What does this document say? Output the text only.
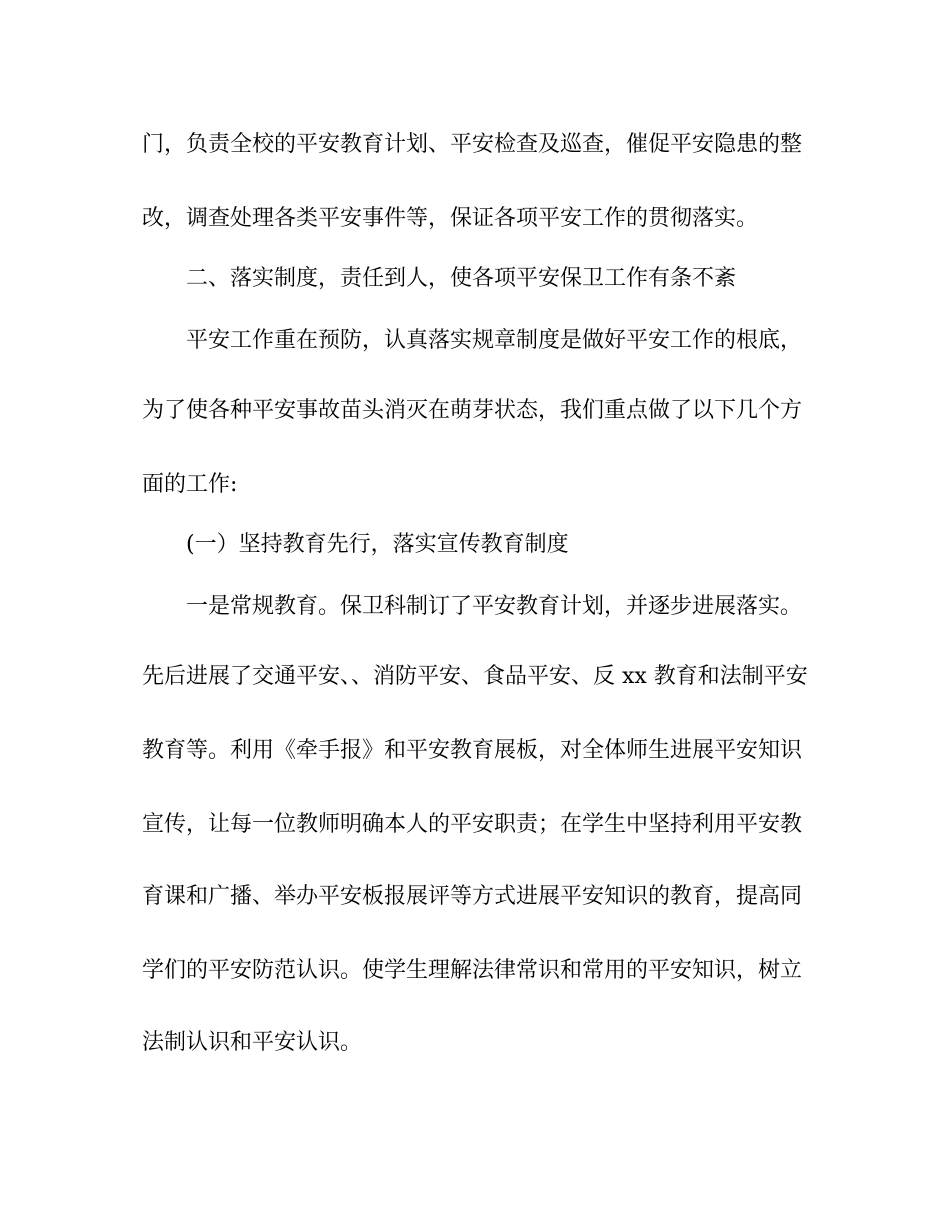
门，负责全校的平安教育计划、平安检查及巡查，催促平安隐患的整
改，调查处理各类平安事件等，保证各项平安工作的贯彻落实。
二、落实制度，责任到人，使各项平安保卫工作有条不紊
平安工作重在预防，认真落实规章制度是做好平安工作的根底，
为了使各种平安事故苗头消灭在萌芽状态，我们重点做了以下几个方
面的工作:
(一）坚持教育先行，落实宣传教育制度
一是常规教育。保卫科制订了平安教育计划，并逐步进展落实。
先后进展了交通平安、、消防平安、食品平安、反 xx 教育和法制平安
教育等。利用《牵手报》和平安教育展板，对全体师生进展平安知识
宣传，让每一位教师明确本人的平安职责；在学生中坚持利用平安教
育课和广播、举办平安板报展评等方式进展平安知识的教育，提高同
学们的平安防范认识。使学生理解法律常识和常用的平安知识，树立
法制认识和平安认识。
